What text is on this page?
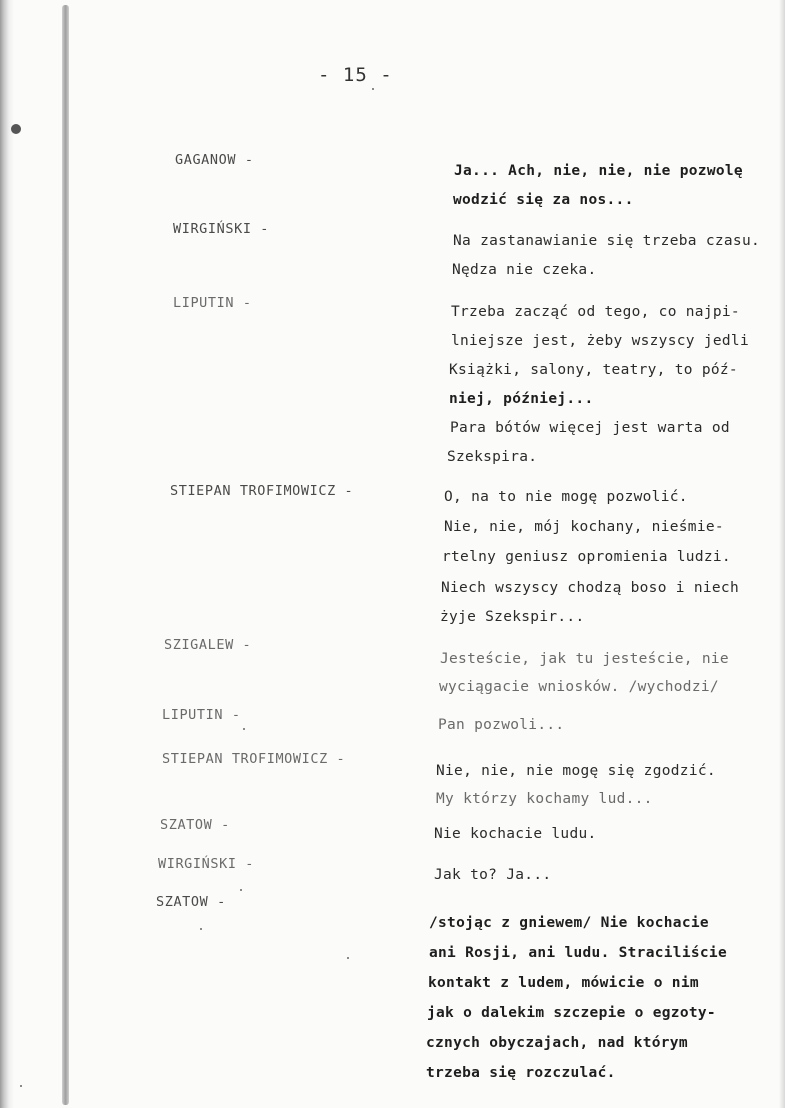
- 15 -
GAGANOW -
WIRGIŃSKI -
LIPUTIN -
STIEPAN TROFIMOWICZ -
SZIGALEW -
LIPUTIN -
STIEPAN TROFIMOWICZ -
SZATOW -
WIRGIŃSKI -
SZATOW -
Ja... Ach, nie, nie, nie pozwolę
wodzić się za nos...
Na zastanawianie się trzeba czasu.
Nędza nie czeka.
Trzeba zacząć od tego, co najpi-
lniejsze jest, żeby wszyscy jedli
Książki, salony, teatry, to póź-
niej, później...
Para bótów więcej jest warta od
Szekspira.
O, na to nie mogę pozwolić.
Nie, nie, mój kochany, nieśmie-
rtelny geniusz opromienia ludzi.
Niech wszyscy chodzą boso i niech
żyje Szekspir...
Jesteście, jak tu jesteście, nie
wyciągacie wniosków. /wychodzi/
Pan pozwoli...
Nie, nie, nie mogę się zgodzić.
My którzy kochamy lud...
Nie kochacie ludu.
Jak to? Ja...
/stojąc z gniewem/ Nie kochacie
ani Rosji, ani ludu. Straciliście
kontakt z ludem, mówicie o nim
jak o dalekim szczepie o egzoty-
cznych obyczajach, nad którym
trzeba się rozczulać.
